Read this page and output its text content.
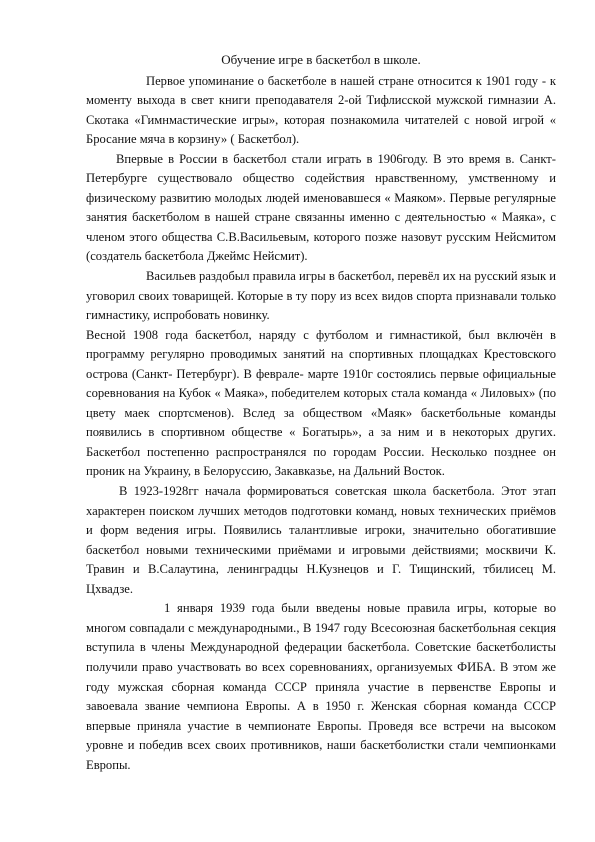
Обучение игре в баскетбол в школе.

Первое упоминание о баскетболе в нашей стране относится к 1901 году - к моменту выхода в свет книги преподавателя 2-ой Тифлисской мужской гимназии А. Скотака «Гимнмастические игры», которая познакомила читателей с новой игрой « Бросание мяча в корзину» ( Баскетбол).

Впервые в России в баскетбол стали играть в 1906году. В это время в. Санкт- Петербурге существовало общество содействия нравственному, умственному и физическому развитию молодых людей именовавшеся « Маяком». Первые регулярные занятия баскетболом в нашей стране связанны именно с деятельностью « Маяка», с членом этого общества С.В.Васильевым, которого позже назовут русским Нейсмитом (создатель баскетбола Джеймс Нейсмит).

Васильев раздобыл правила игры в баскетбол, перевёл их на русский язык и уговорил своих товарищей. Которые в ту пору из всех видов спорта признавали только гимнастику, испробовать новинку.

Весной 1908 года баскетбол, наряду с футболом и гимнастикой, был включён в программу регулярно проводимых занятий на спортивных площадках Крестовского острова (Санкт- Петербург). В феврале- марте 1910г состоялись первые официальные соревнования на Кубок « Маяка», победителем которых стала команда « Лиловых» (по цвету маек спортсменов). Вслед за обществом «Маяк» баскетбольные команды появились в спортивном обществе « Богатырь», а за ним и в некоторых других. Баскетбол постепенно распространялся по городам России. Несколько позднее он проник на Украину, в Белоруссию, Закавказье, на Дальний Восток.

В 1923-1928гг начала формироваться советская школа баскетбола. Этот этап характерен поиском лучших методов подготовки команд, новых технических приёмов и форм ведения игры. Появились талантливые игроки, значительно обогатившие баскетбол новыми техническими приёмами и игровыми действиями; москвичи К. Травин и В.Салаутина, ленинградцы Н.Кузнецов и Г. Тищинский, тбилисец М. Цхвадзе.

1 января 1939 года были введены новые правила игры, которые во многом совпадали с международными., В 1947 году Всесоюзная баскетбольная секция вступила в члены Международной федерации баскетбола. Советские баскетболисты получили право участвовать во всех соревнованиях, организуемых ФИБА. В этом же году мужская сборная команда СССР приняла участие в первенстве Европы и завоевала звание чемпиона Европы. А в 1950 г. Женская сборная команда СССР впервые приняла участие в чемпионате Европы. Проведя все встречи на высоком уровне и победив всех своих противников, наши баскетболистки стали чемпионками Европы.
